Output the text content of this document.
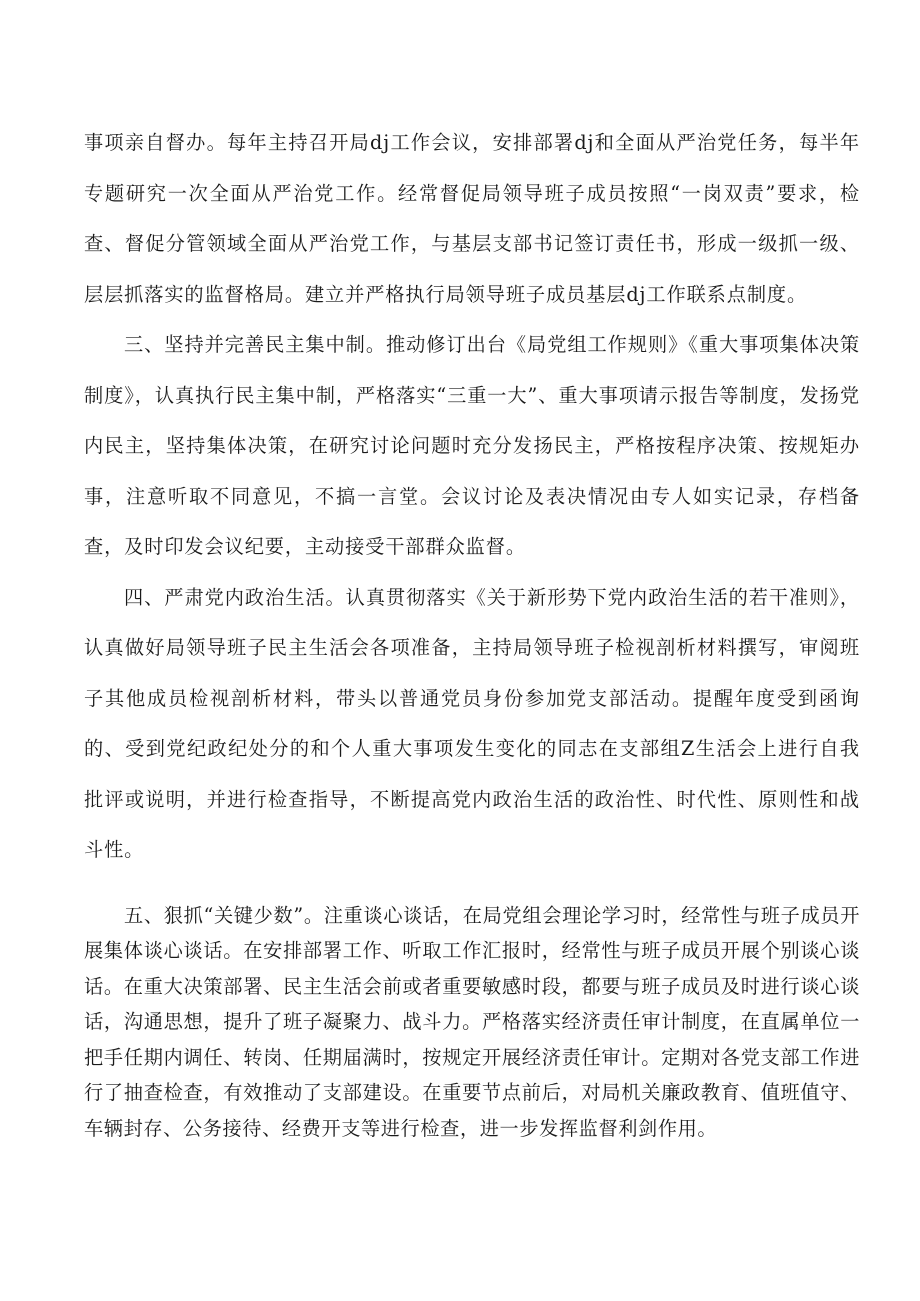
事项亲自督办。每年主持召开局dj工作会议，安排部署dj和全面从严治党任务，每半年专题研究一次全面从严治党工作。经常督促局领导班子成员按照“一岗双责”要求，检查、督促分管领域全面从严治党工作，与基层支部书记签订责任书，形成一级抓一级、层层抓落实的监督格局。建立并严格执行局领导班子成员基层dj工作联系点制度。

三、坚持并完善民主集中制。推动修订出台《局党组工作规则》《重大事项集体决策制度》，认真执行民主集中制，严格落实“三重一大”、重大事项请示报告等制度，发扬党内民主，坚持集体决策，在研究讨论问题时充分发扬民主，严格按程序决策、按规矩办事，注意听取不同意见，不搞一言堂。会议讨论及表决情况由专人如实记录，存档备查，及时印发会议纪要，主动接受干部群众监督。

四、严肃党内政治生活。认真贯彻落实《关于新形势下党内政治生活的若干准则》，认真做好局领导班子民主生活会各项准备，主持局领导班子检视剖析材料撰写，审阅班子其他成员检视剖析材料，带头以普通党员身份参加党支部活动。提醒年度受到函询的、受到党纪政纪处分的和个人重大事项发生变化的同志在支部组Z生活会上进行自我批评或说明，并进行检查指导，不断提高党内政治生活的政治性、时代性、原则性和战斗性。

五、狠抓“关键少数”。注重谈心谈话，在局党组会理论学习时，经常性与班子成员开展集体谈心谈话。在安排部署工作、听取工作汇报时，经常性与班子成员开展个别谈心谈话。在重大决策部署、民主生活会前或者重要敏感时段，都要与班子成员及时进行谈心谈话，沟通思想，提升了班子凝聚力、战斗力。严格落实经济责任审计制度，在直属单位一把手任期内调任、转岗、任期届满时，按规定开展经济责任审计。定期对各党支部工作进行了抽查检查，有效推动了支部建设。在重要节点前后，对局机关廉政教育、值班值守、车辆封存、公务接待、经费开支等进行检查，进一步发挥监督利剑作用。
